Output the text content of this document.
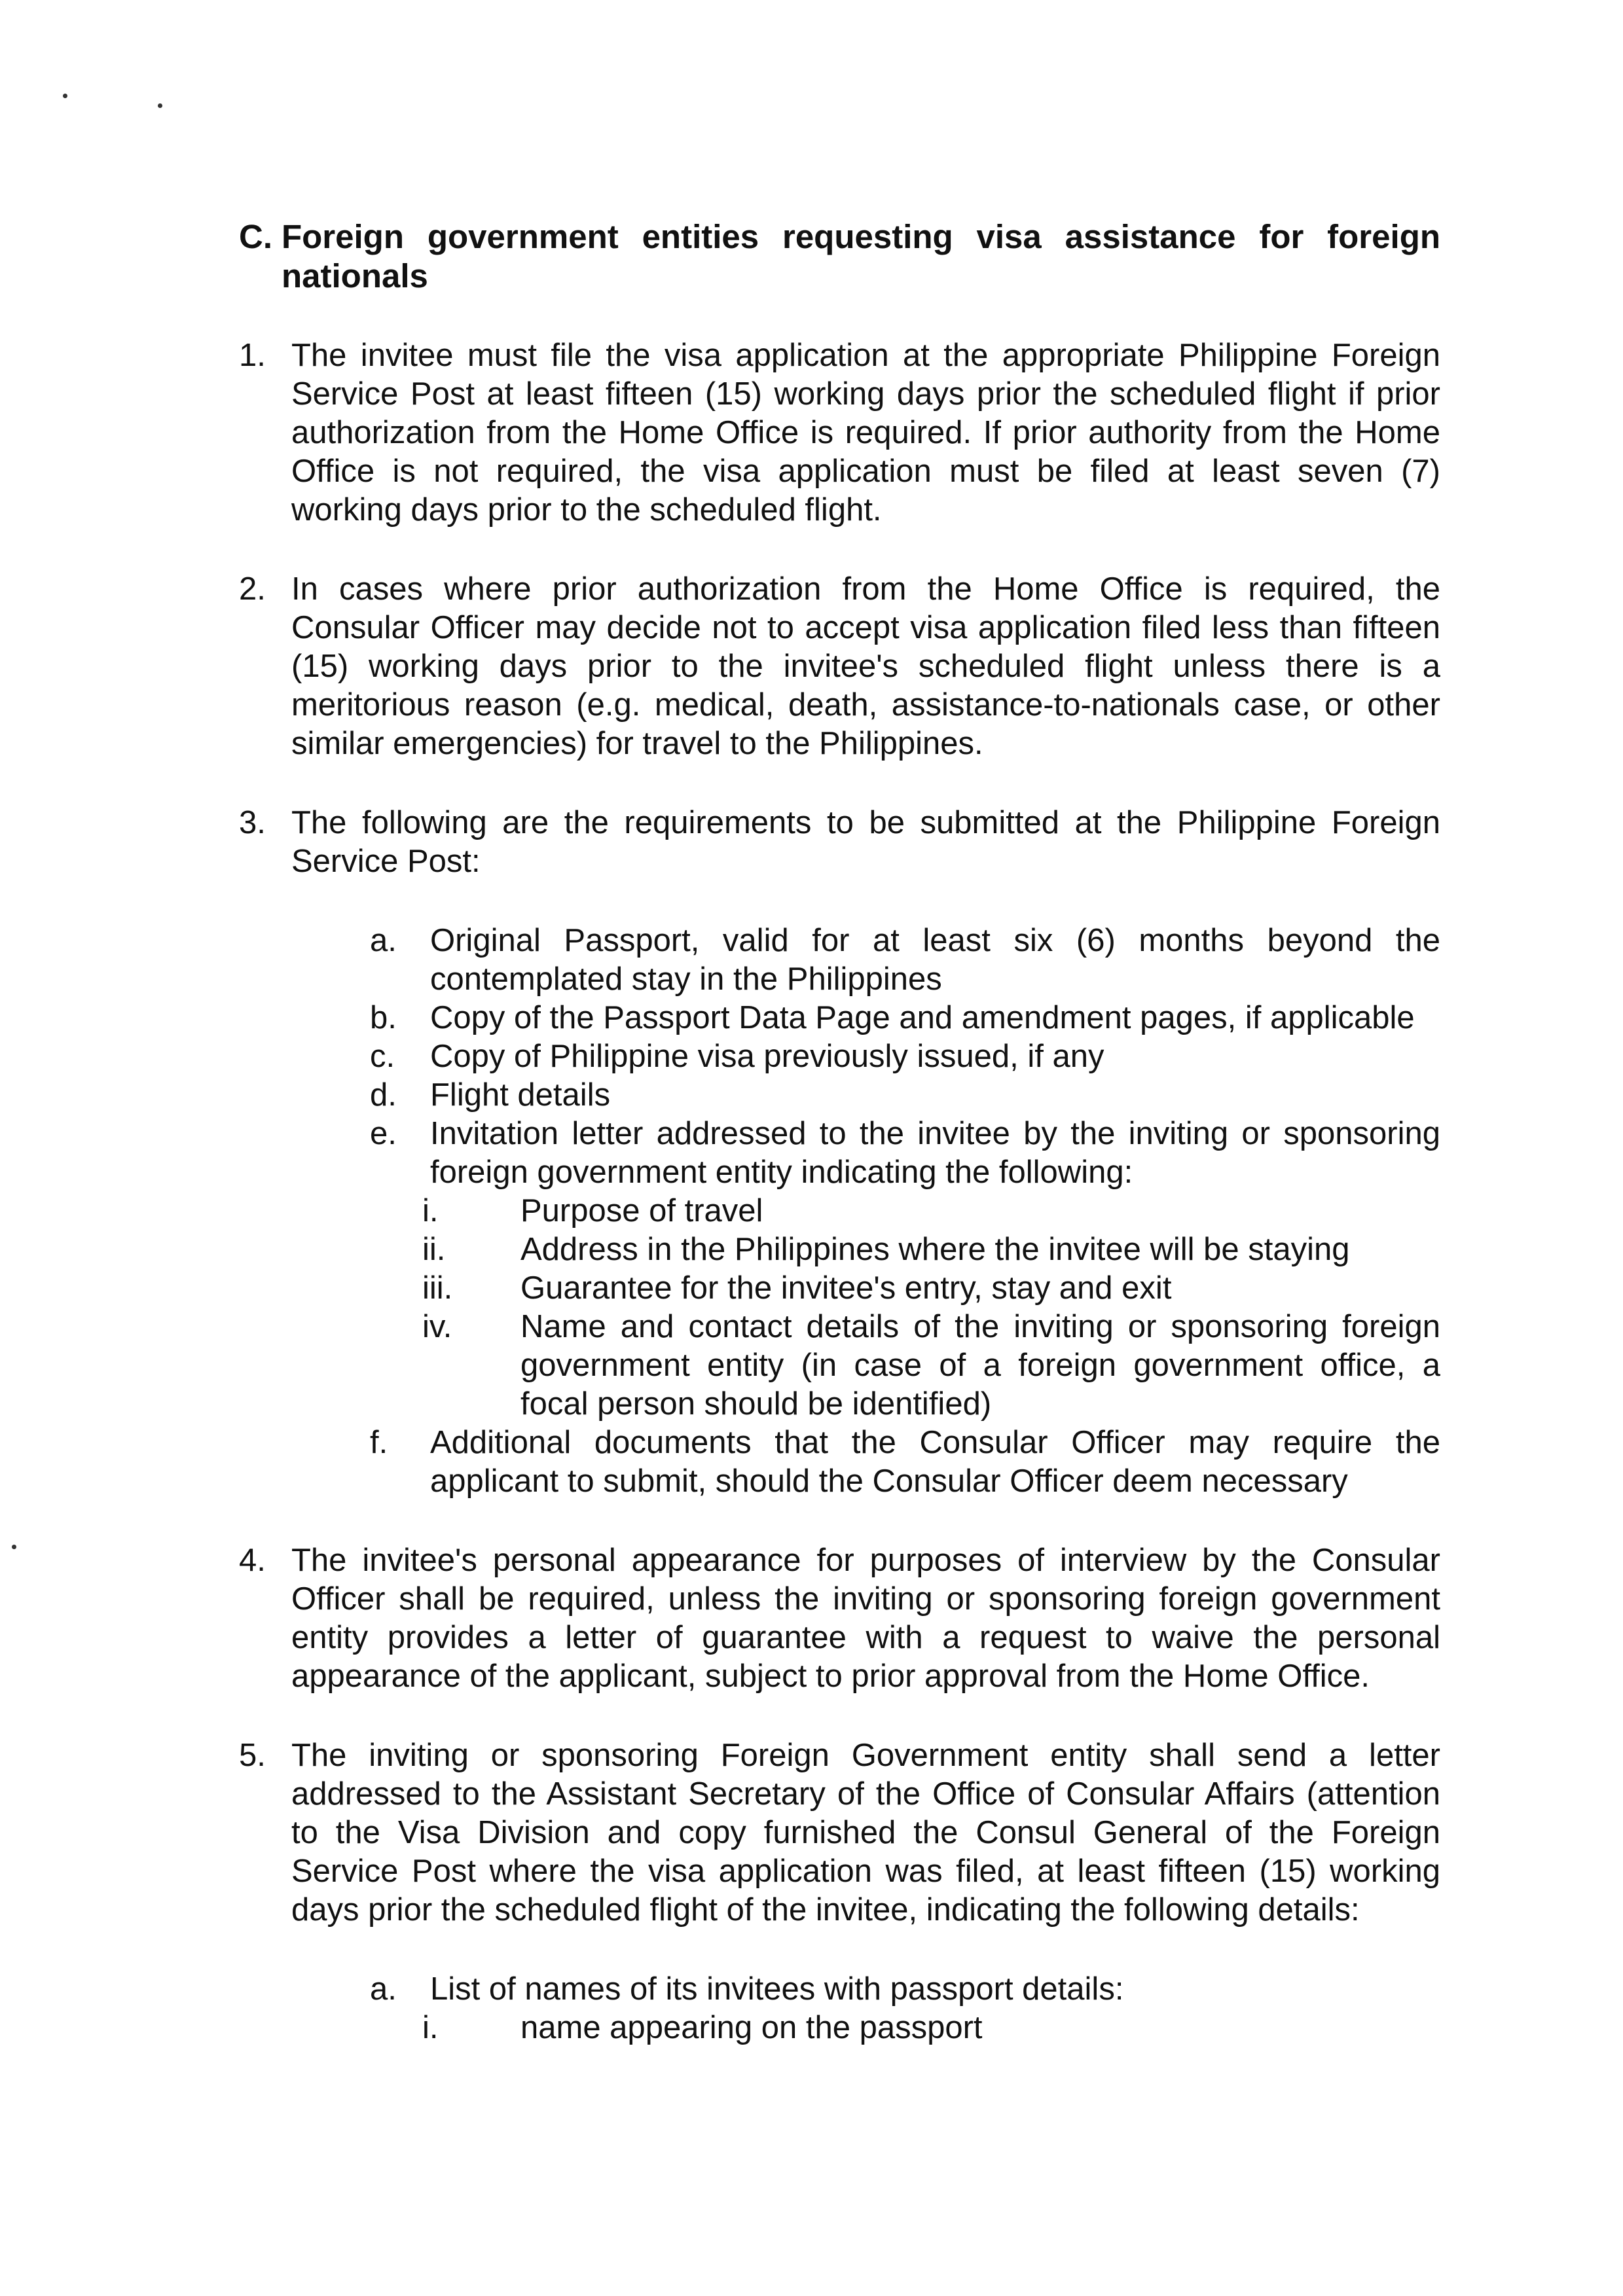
C. Foreign government entities requesting visa assistance for foreign nationals
1. The invitee must file the visa application at the appropriate Philippine Foreign Service Post at least fifteen (15) working days prior the scheduled flight if prior authorization from the Home Office is required. If prior authority from the Home Office is not required, the visa application must be filed at least seven (7) working days prior to the scheduled flight.
2. In cases where prior authorization from the Home Office is required, the Consular Officer may decide not to accept visa application filed less than fifteen (15) working days prior to the invitee's scheduled flight unless there is a meritorious reason (e.g. medical, death, assistance-to-nationals case, or other similar emergencies) for travel to the Philippines.
3. The following are the requirements to be submitted at the Philippine Foreign Service Post:
a. Original Passport, valid for at least six (6) months beyond the contemplated stay in the Philippines
b. Copy of the Passport Data Page and amendment pages, if applicable
c. Copy of Philippine visa previously issued, if any
d. Flight details
e. Invitation letter addressed to the invitee by the inviting or sponsoring foreign government entity indicating the following:
i.	Purpose of travel
ii. Address in the Philippines where the invitee will be staying
iii. Guarantee for the invitee's entry, stay and exit
iv. Name and contact details of the inviting or sponsoring foreign government entity (in case of a foreign government office, a focal person should be identified)
f. Additional documents that the Consular Officer may require the applicant to submit, should the Consular Officer deem necessary
4. The invitee's personal appearance for purposes of interview by the Consular Officer shall be required, unless the inviting or sponsoring foreign government entity provides a letter of guarantee with a request to waive the personal appearance of the applicant, subject to prior approval from the Home Office.
5. The inviting or sponsoring Foreign Government entity shall send a letter addressed to the Assistant Secretary of the Office of Consular Affairs (attention to the Visa Division and copy furnished the Consul General of the Foreign Service Post where the visa application was filed, at least fifteen (15) working days prior the scheduled flight of the invitee, indicating the following details:
a. List of names of its invitees with passport details:
i.	name appearing on the passport
